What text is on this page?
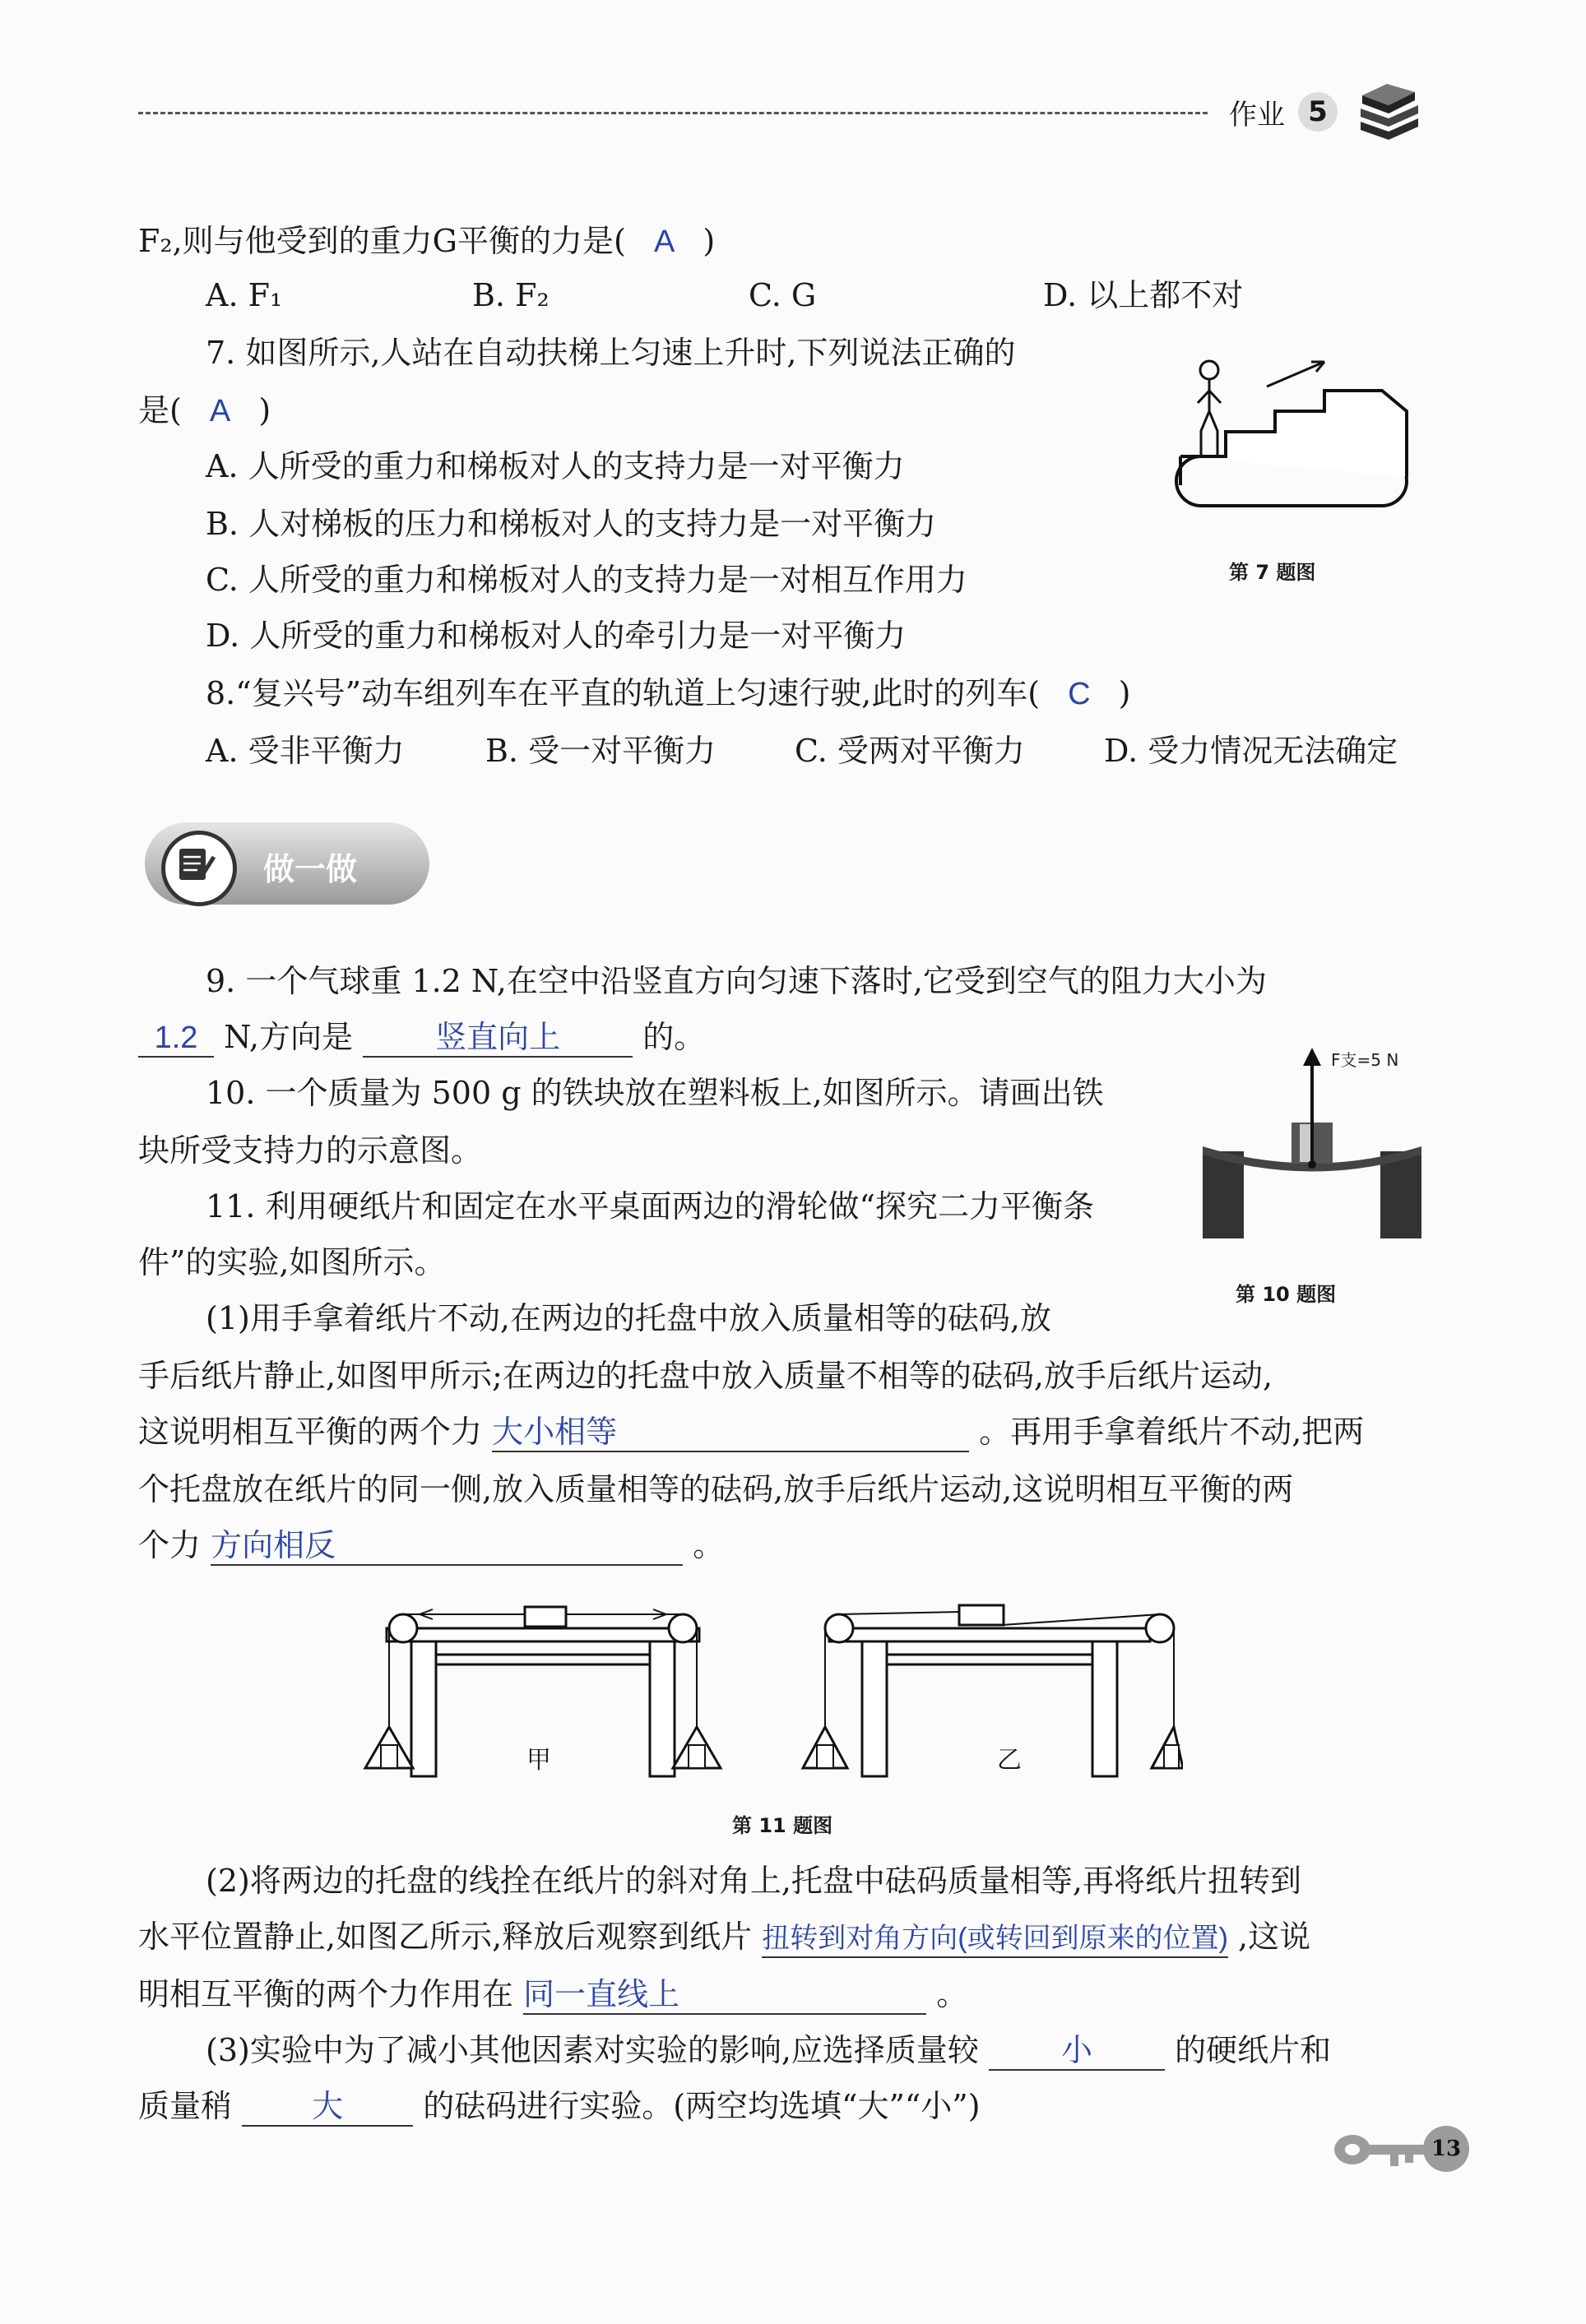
作业 5
F₂,则与他受到的重力G平衡的力是( A )
A. F₁	B. F₂	C. G	D. 以上都不对
7. 如图所示,人站在自动扶梯上匀速上升时,下列说法正确的
是( A )
A. 人所受的重力和梯板对人的支持力是一对平衡力
B. 人对梯板的压力和梯板对人的支持力是一对平衡力
C. 人所受的重力和梯板对人的支持力是一对相互作用力
D. 人所受的重力和梯板对人的牵引力是一对平衡力
第 7 题图
8.“复兴号”动车组列车在平直的轨道上匀速行驶,此时的列车( C )
A. 受非平衡力	B. 受一对平衡力	C. 受两对平衡力	D. 受力情况无法确定
做一做
9. 一个气球重 1.2 N,在空中沿竖直方向匀速下落时,它受到空气的阻力大小为
1.2 N,方向是	竖直向上	的。
10. 一个质量为 500 g 的铁块放在塑料板上,如图所示。请画出铁
块所受支持力的示意图。
F支=5 N
第 10 题图
11. 利用硬纸片和固定在水平桌面两边的滑轮做“探究二力平衡条
件”的实验,如图所示。
(1)用手拿着纸片不动,在两边的托盘中放入质量相等的砝码,放
手后纸片静止,如图甲所示;在两边的托盘中放入质量不相等的砝码,放手后纸片运动,
这说明相互平衡的两个力 大小相等	。再用手拿着纸片不动,把两
个托盘放在纸片的同一侧,放入质量相等的砝码,放手后纸片运动,这说明相互平衡的两
个力 方向相反	。
甲	乙
第 11 题图
(2)将两边的托盘的线拴在纸片的斜对角上,托盘中砝码质量相等,再将纸片扭转到
水平位置静止,如图乙所示,释放后观察到纸片 扭转到对角方向(或转回到原来的位置) ,这说
明相互平衡的两个力作用在 同一直线上	。
(3)实验中为了减小其他因素对实验的影响,应选择质量较	小	的硬纸片和
质量稍	大	的砝码进行实验。(两空均选填“大”“小”)
13
